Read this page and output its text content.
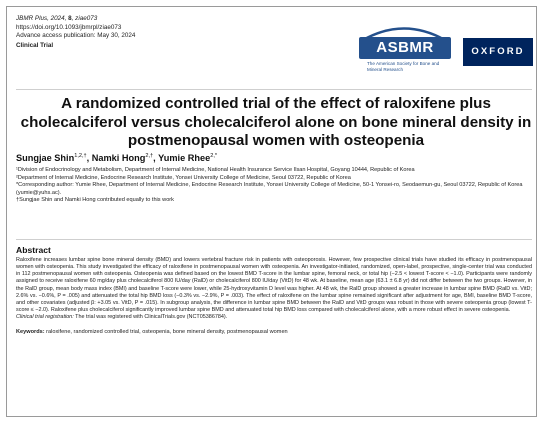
JBMR Plus, 2024, 8, ziae073
https://doi.org/10.1093/jbmrpl/ziae073
Advance access publication: May 30, 2024
Clinical Trial	ASBMR
The American Society for Bone and Mineral Research
OXFORD
A randomized controlled trial of the effect of raloxifene plus cholecalciferol versus cholecalciferol alone on bone mineral density in postmenopausal women with osteopenia
Sungjae Shin$^{1,2,\dagger}$, Namki Hong$^{2,\dagger}$, Yumie Rhee$^{2,*}$

¹Division of Endocrinology and Metabolism, Department of Internal Medicine, National Health Insurance Service Ilsan Hospital, Goyang 10444, Republic of Korea

²Department of Internal Medicine, Endocrine Research Institute, Yonsei University College of Medicine, Seoul 03722, Republic of Korea

*Corresponding author: Yumie Rhee, Department of Internal Medicine, Endocrine Research Institute, Yonsei University College of Medicine, 50-1 Yonsei-ro, Seodaemun-gu, Seoul 03722, Republic of Korea (yumie@yuhs.ac).

†Sungjae Shin and Namki Hong contributed equally to this work

Abstract
Raloxifene increases lumbar spine bone mineral density (BMD) and lowers vertebral fracture risk in patients with osteoporosis. However, few prospective clinical trials have studied its efficacy in postmenopausal women with osteopenia. This study investigated the efficacy of raloxifene in postmenopausal women with osteopenia. An investigator-initiated, randomized, open-label, prospective, single-center trial was conducted in 112 postmenopausal women with osteopenia. Osteopenia was defined based on the lowest BMD T-score in the lumbar spine, femoral neck, or total hip (−2.5 < lowest T-score < −1.0). Participants were randomly assigned to receive raloxifene 60 mg/day plus cholecalciferol 800 IU/day (RalD) or cholecalciferol 800 IU/day (VitD) for 48 wk. At baseline, mean age (63.1 ± 6.8 yr) did not differ between the two groups. However, in the RalD group, mean body mass index (BMI) and baseline T-score were lower, while 25-hydroxyvitamin D level was higher. At 48 wk, the RalD group showed a greater increase in lumbar spine BMD (RalD vs. VitD; 2.6% vs. −0.6%, P = .005) and attenuated the total hip BMD loss (−0.3% vs. −2.9%, P = .003). The effect of raloxifene on the lumbar spine remained significant after adjustment for age, BMI, baseline BMD T-score, and other covariates (adjusted β: +3.05 vs. VitD, P = .015). In subgroup analysis, the difference in lumbar spine BMD between the RalD and VitD groups was robust in those with severe osteopenia group (lowest T-score ≤ −2.0). Raloxifene plus cholecalciferol significantly improved lumbar spine BMD and attenuated total hip BMD loss compared with cholecalciferol alone, with a more robust effect in severe osteopenia.
Clinical trial registration: The trial was registered with ClinicalTrials.gov (NCT05386784).
Keywords: raloxifene, randomized controlled trial, osteopenia, bone mineral density, postmenopausal women
